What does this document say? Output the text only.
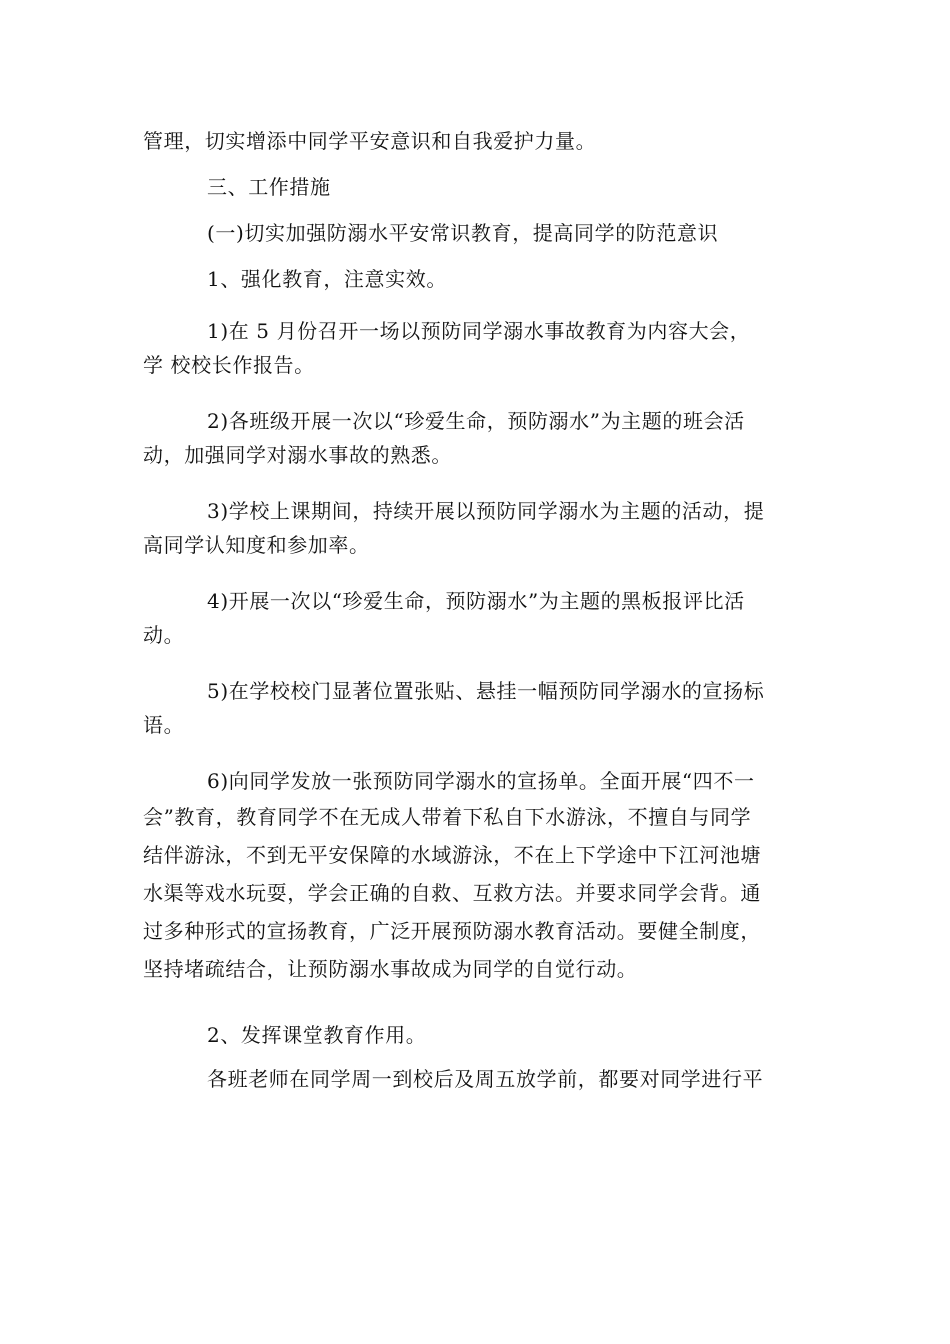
管理，切实增添中同学平安意识和自我爱护力量。
三、工作措施
(一)切实加强防溺水平安常识教育，提高同学的防范意识
1、强化教育，注意实效。
1)在 5 月份召开一场以预防同学溺水事故教育为内容大会，
学 校校长作报告。
2)各班级开展一次以“珍爱生命，预防溺水”为主题的班会活
动，加强同学对溺水事故的熟悉。
3)学校上课期间，持续开展以预防同学溺水为主题的活动，提
高同学认知度和参加率。
4)开展一次以“珍爱生命，预防溺水”为主题的黑板报评比活
动。
5)在学校校门显著位置张贴、悬挂一幅预防同学溺水的宣扬标
语。
6)向同学发放一张预防同学溺水的宣扬单。全面开展“四不一
会”教育，教育同学不在无成人带着下私自下水游泳，不擅自与同学
结伴游泳，不到无平安保障的水域游泳，不在上下学途中下江河池塘
水渠等戏水玩耍，学会正确的自救、互救方法。并要求同学会背。通
过多种形式的宣扬教育，广泛开展预防溺水教育活动。要健全制度，
坚持堵疏结合，让预防溺水事故成为同学的自觉行动。
2、发挥课堂教育作用。
各班老师在同学周一到校后及周五放学前，都要对同学进行平
